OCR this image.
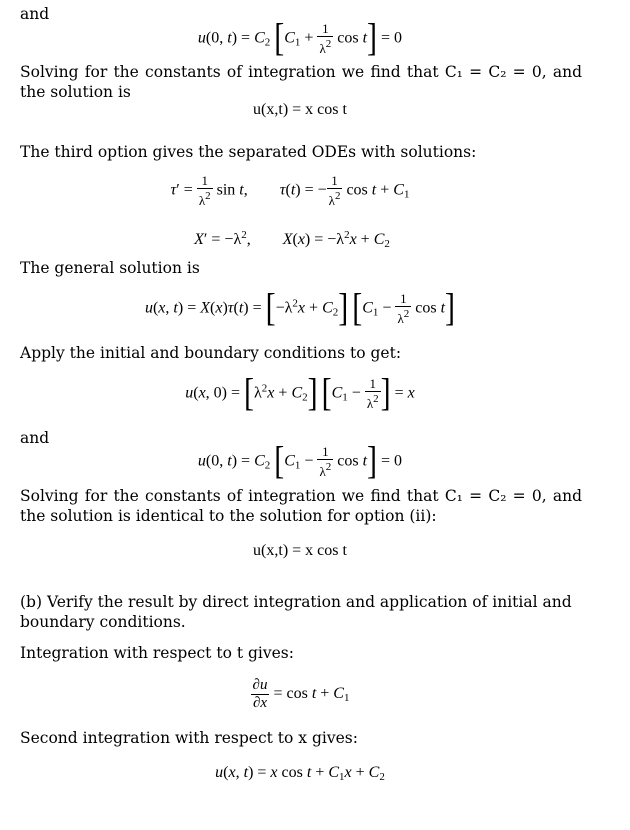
and

u(0, $t) = C_2$ [$C_1 + \frac{1}{\lambda^2}$ cos t] = 0

Solving for the constants of integration we find that C₁ = C₂ = 0, and the solution is

u(x,t) = x cos t

The third option gives the separated ODEs with solutions:

$\tau' = \frac{1}{\lambda^2}$ sin t,        τ(t) = − $\frac{1}{\lambda^2}$ $\cos t + C_1$
$X' = -\lambda^2$,        $X(x) = -\lambda^2x + C_2$

The general solution is

u(x, $t) = X(x)\tau(t) = [-\lambda^2x + C_2] [C_1 - \frac{1}{\lambda^2}$ cos t]

Apply the initial and boundary conditions to get:

u(x, $0) = [\lambda^2x + C_2] [C_1 - \frac{1}{\lambda^2}$ ] = x

and

u(0, $t) = C_2$ [$C_1 - \frac{1}{\lambda^2}$ cos t] = 0

Solving for the constants of integration we find that C₁ = C₂ = 0, and the solution is identical to the solution for option (ii):

u(x,t) = x cos t

(b) Verify the result by direct integration and application of initial and boundary conditions.

Integration with respect to t gives:

$\frac{\partial u}{\partial x} = \cos t + C_1$

Second integration with respect to x gives:

u(x, t) = x $\cos t + C_1x + C_2$
